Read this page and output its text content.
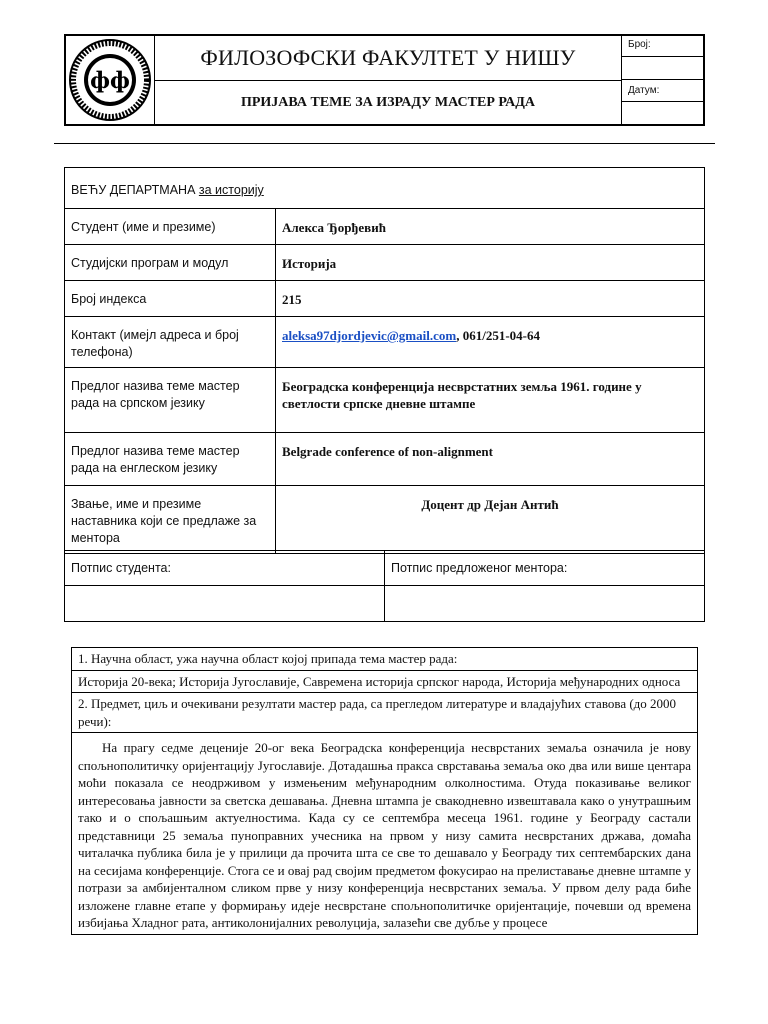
фф
ФИЛОЗОФСКИ ФАКУЛТЕТ У НИШУ
ПРИЈАВА ТЕМЕ ЗА ИЗРАДУ МАСТЕР РАДА
Број:
Датум:
ВЕЋУ ДЕПАРТМАНА за историју	
Студент (име и презиме)	Алекса Ђорђевић
Студијски програм и модул	Историја
Број индекса	215
Контакт (имејл адреса и број телефона)	aleksa97djordjevic@gmail.com, 061/251-04-64
Предлог назива теме мастер рада на српском језику	Београдска конференција несврстатних земља 1961. године у светлости српске дневне штампе
Предлог назива теме мастер рада на енглеском језику	Belgrade conference of non-alignment
Звање, име и презиме наставника који се предлаже за ментора	Доцент др Дејан Антић
Потпис студента:	Потпис предложеног ментора:

1. Научна област, ужа научна област којој припада тема мастер рада:
Историја 20-века; Историја Југославије, Савремена историја српског народа, Историја међународних односа
2. Предмет, циљ и очекивани резултати мастер рада, са прегледом литературе и владајућих ставова (до 2000 речи):
На прагу седме деценије 20-ог века Београдска конференција несврстаних земаља означила је нову спољнополитичку оријентацију Југославије. Дотадашња пракса сврставања земаља око два или више центара моћи показала се неодрживом у измењеним међународним олколностима. Отуда показивање великог интересовања јавности за светска дешавања. Дневна штампа је свакодневно извештавала како о унутрашњим тако и о спољашњим актуелностима. Када су се септембра месеца 1961. године у Београду састали представници 25 земаља пуноправних учесника на првом у низу самита несврстаних држава, домаћа читалачка публика била је у прилици да прочита шта се све то дешавало у Београду тих септембарских дана на сесијама конференције. Стога се и овај рад својим предметом фокусирао на прелиставање дневне штампе у потрази за амбијенталном сликом прве у низу конференција несврстаних земаља. У првом делу рада биће изложене главне етапе у формирању идеје несврстане спољнополитичке оријентације, почевши од времена избијања Хладног рата, антиколонијалних револуција, залазећи све дубље у процесе
